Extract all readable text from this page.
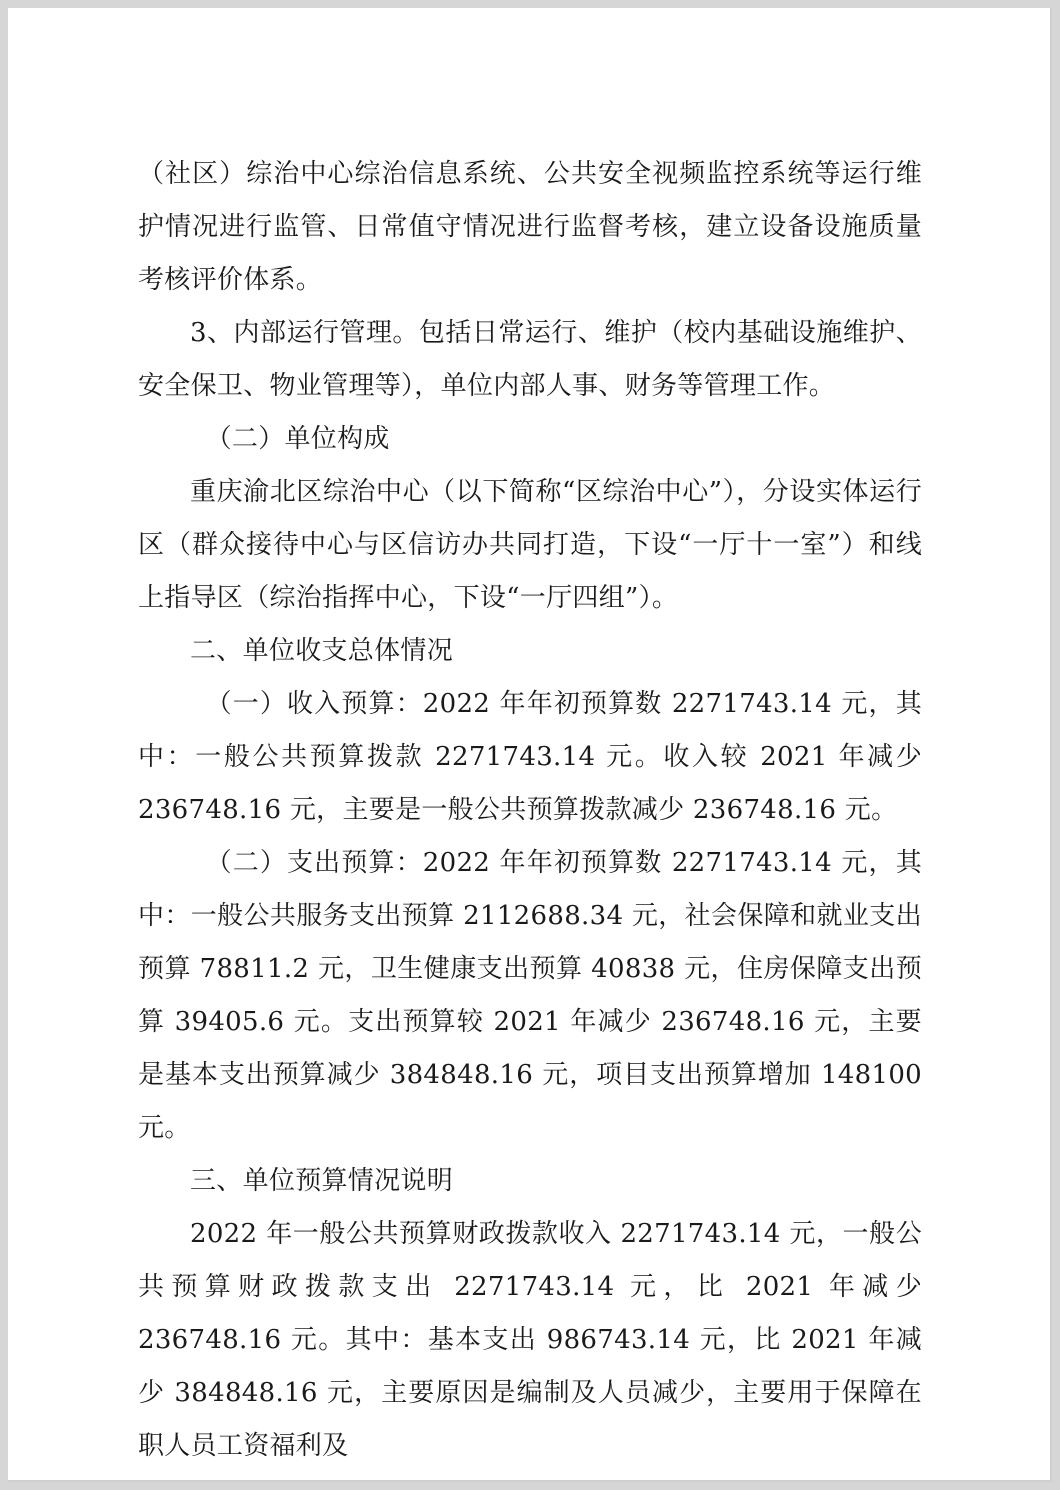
（社区）综治中心综治信息系统、公共安全视频监控系统等运行维护情况进行监管、日常值守情况进行监督考核，建立设备设施质量考核评价体系。

3、内部运行管理。包括日常运行、维护（校内基础设施维护、安全保卫、物业管理等），单位内部人事、财务等管理工作。

（二）单位构成

重庆渝北区综治中心（以下简称“区综治中心”），分设实体运行区（群众接待中心与区信访办共同打造，下设“一厅十一室”）和线上指导区（综治指挥中心，下设“一厅四组”）。

二、单位收支总体情况

（一）收入预算：2022 年年初预算数 2271743.14 元，其中：一般公共预算拨款 2271743.14 元。收入较 2021 年减少 236748.16 元，主要是一般公共预算拨款减少 236748.16 元。

（二）支出预算：2022 年年初预算数 2271743.14 元，其中：一般公共服务支出预算 2112688.34 元，社会保障和就业支出预算 78811.2 元，卫生健康支出预算 40838 元，住房保障支出预算 39405.6 元。支出预算较 2021 年减少 236748.16 元，主要是基本支出预算减少 384848.16 元，项目支出预算增加 148100 元。

三、单位预算情况说明

2022 年一般公共预算财政拨款收入 2271743.14 元，一般公共预算财政拨款支出 2271743.14 元，比 2021 年减少 236748.16 元。其中：基本支出 986743.14 元，比 2021 年减少 384848.16 元，主要原因是编制及人员减少，主要用于保障在职人员工资福利及
